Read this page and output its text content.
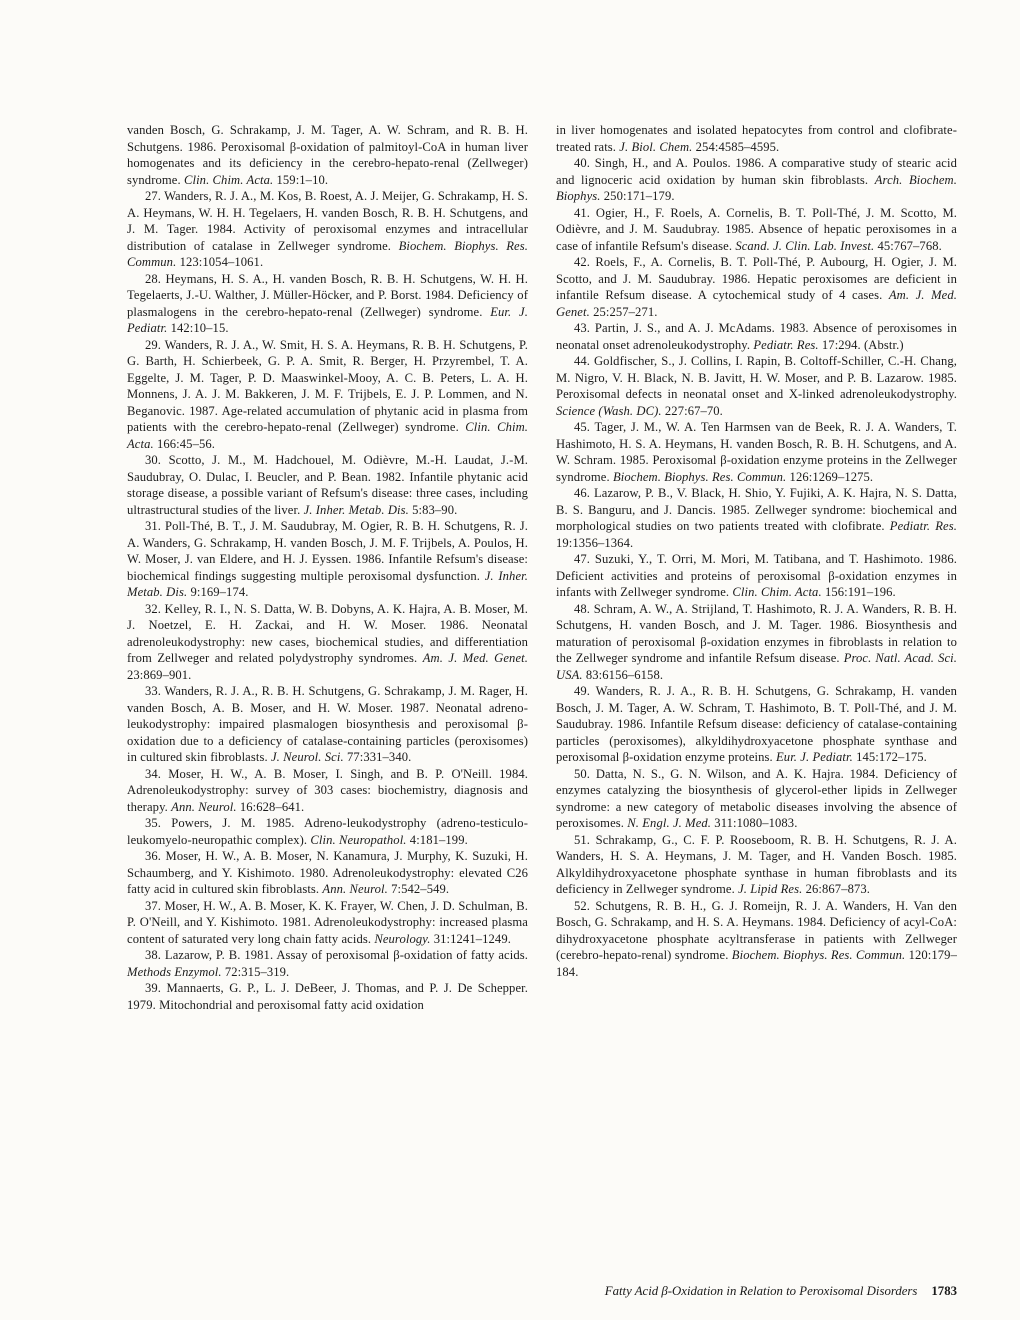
vanden Bosch, G. Schrakamp, J. M. Tager, A. W. Schram, and R. B. H. Schutgens. 1986. Peroxisomal β-oxidation of palmitoyl-CoA in human liver homogenates and its deficiency in the cerebro-hepato-renal (Zellweger) syndrome. Clin. Chim. Acta. 159:1–10.

27. Wanders, R. J. A., M. Kos, B. Roest, A. J. Meijer, G. Schrakamp, H. S. A. Heymans, W. H. H. Tegelaers, H. vanden Bosch, R. B. H. Schutgens, and J. M. Tager. 1984. Activity of peroxisomal enzymes and intracellular distribution of catalase in Zellweger syndrome. Biochem. Biophys. Res. Commun. 123:1054–1061.

28. Heymans, H. S. A., H. vanden Bosch, R. B. H. Schutgens, W. H. H. Tegelaerts, J.-U. Walther, J. Müller-Höcker, and P. Borst. 1984. Deficiency of plasmalogens in the cerebro-hepato-renal (Zellweger) syndrome. Eur. J. Pediatr. 142:10–15.

29. Wanders, R. J. A., W. Smit, H. S. A. Heymans, R. B. H. Schutgens, P. G. Barth, H. Schierbeek, G. P. A. Smit, R. Berger, H. Przyrembel, T. A. Eggelte, J. M. Tager, P. D. Maaswinkel-Mooy, A. C. B. Peters, L. A. H. Monnens, J. A. J. M. Bakkeren, J. M. F. Trijbels, E. J. P. Lommen, and N. Beganovic. 1987. Age-related accumulation of phytanic acid in plasma from patients with the cerebro-hepato-renal (Zellweger) syndrome. Clin. Chim. Acta. 166:45–56.

30. Scotto, J. M., M. Hadchouel, M. Odièvre, M.-H. Laudat, J.-M. Saudubray, O. Dulac, I. Beucler, and P. Bean. 1982. Infantile phytanic acid storage disease, a possible variant of Refsum's disease: three cases, including ultrastructural studies of the liver. J. Inher. Metab. Dis. 5:83–90.

31. Poll-Thé, B. T., J. M. Saudubray, M. Ogier, R. B. H. Schutgens, R. J. A. Wanders, G. Schrakamp, H. vanden Bosch, J. M. F. Trijbels, A. Poulos, H. W. Moser, J. van Eldere, and H. J. Eyssen. 1986. Infantile Refsum's disease: biochemical findings suggesting multiple peroxisomal dysfunction. J. Inher. Metab. Dis. 9:169–174.

32. Kelley, R. I., N. S. Datta, W. B. Dobyns, A. K. Hajra, A. B. Moser, M. J. Noetzel, E. H. Zackai, and H. W. Moser. 1986. Neonatal adrenoleukodystrophy: new cases, biochemical studies, and differentiation from Zellweger and related polydystrophy syndromes. Am. J. Med. Genet. 23:869–901.

33. Wanders, R. J. A., R. B. H. Schutgens, G. Schrakamp, J. M. Rager, H. vanden Bosch, A. B. Moser, and H. W. Moser. 1987. Neonatal adreno-leukodystrophy: impaired plasmalogen biosynthesis and peroxisomal β-oxidation due to a deficiency of catalase-containing particles (peroxisomes) in cultured skin fibroblasts. J. Neurol. Sci. 77:331–340.

34. Moser, H. W., A. B. Moser, I. Singh, and B. P. O'Neill. 1984. Adrenoleukodystrophy: survey of 303 cases: biochemistry, diagnosis and therapy. Ann. Neurol. 16:628–641.

35. Powers, J. M. 1985. Adreno-leukodystrophy (adreno-testiculo-leukomyelo-neuropathic complex). Clin. Neuropathol. 4:181–199.

36. Moser, H. W., A. B. Moser, N. Kanamura, J. Murphy, K. Suzuki, H. Schaumberg, and Y. Kishimoto. 1980. Adrenoleukodystrophy: elevated C26 fatty acid in cultured skin fibroblasts. Ann. Neurol. 7:542–549.

37. Moser, H. W., A. B. Moser, K. K. Frayer, W. Chen, J. D. Schulman, B. P. O'Neill, and Y. Kishimoto. 1981. Adrenoleukodystrophy: increased plasma content of saturated very long chain fatty acids. Neurology. 31:1241–1249.

38. Lazarow, P. B. 1981. Assay of peroxisomal β-oxidation of fatty acids. Methods Enzymol. 72:315–319.

39. Mannaerts, G. P., L. J. DeBeer, J. Thomas, and P. J. De Schepper. 1979. Mitochondrial and peroxisomal fatty acid oxidation

in liver homogenates and isolated hepatocytes from control and clofibrate-treated rats. J. Biol. Chem. 254:4585–4595.

40. Singh, H., and A. Poulos. 1986. A comparative study of stearic acid and lignoceric acid oxidation by human skin fibroblasts. Arch. Biochem. Biophys. 250:171–179.

41. Ogier, H., F. Roels, A. Cornelis, B. T. Poll-Thé, J. M. Scotto, M. Odièvre, and J. M. Saudubray. 1985. Absence of hepatic peroxisomes in a case of infantile Refsum's disease. Scand. J. Clin. Lab. Invest. 45:767–768.

42. Roels, F., A. Cornelis, B. T. Poll-Thé, P. Aubourg, H. Ogier, J. M. Scotto, and J. M. Saudubray. 1986. Hepatic peroxisomes are deficient in infantile Refsum disease. A cytochemical study of 4 cases. Am. J. Med. Genet. 25:257–271.

43. Partin, J. S., and A. J. McAdams. 1983. Absence of peroxisomes in neonatal onset adrenoleukodystrophy. Pediatr. Res. 17:294. (Abstr.)

44. Goldfischer, S., J. Collins, I. Rapin, B. Coltoff-Schiller, C.-H. Chang, M. Nigro, V. H. Black, N. B. Javitt, H. W. Moser, and P. B. Lazarow. 1985. Peroxisomal defects in neonatal onset and X-linked adrenoleukodystrophy. Science (Wash. DC). 227:67–70.

45. Tager, J. M., W. A. Ten Harmsen van de Beek, R. J. A. Wanders, T. Hashimoto, H. S. A. Heymans, H. vanden Bosch, R. B. H. Schutgens, and A. W. Schram. 1985. Peroxisomal β-oxidation enzyme proteins in the Zellweger syndrome. Biochem. Biophys. Res. Commun. 126:1269–1275.

46. Lazarow, P. B., V. Black, H. Shio, Y. Fujiki, A. K. Hajra, N. S. Datta, B. S. Banguru, and J. Dancis. 1985. Zellweger syndrome: biochemical and morphological studies on two patients treated with clofibrate. Pediatr. Res. 19:1356–1364.

47. Suzuki, Y., T. Orri, M. Mori, M. Tatibana, and T. Hashimoto. 1986. Deficient activities and proteins of peroxisomal β-oxidation enzymes in infants with Zellweger syndrome. Clin. Chim. Acta. 156:191–196.

48. Schram, A. W., A. Strijland, T. Hashimoto, R. J. A. Wanders, R. B. H. Schutgens, H. vanden Bosch, and J. M. Tager. 1986. Biosynthesis and maturation of peroxisomal β-oxidation enzymes in fibroblasts in relation to the Zellweger syndrome and infantile Refsum disease. Proc. Natl. Acad. Sci. USA. 83:6156–6158.

49. Wanders, R. J. A., R. B. H. Schutgens, G. Schrakamp, H. vanden Bosch, J. M. Tager, A. W. Schram, T. Hashimoto, B. T. Poll-Thé, and J. M. Saudubray. 1986. Infantile Refsum disease: deficiency of catalase-containing particles (peroxisomes), alkyldihydroxyacetone phosphate synthase and peroxisomal β-oxidation enzyme proteins. Eur. J. Pediatr. 145:172–175.

50. Datta, N. S., G. N. Wilson, and A. K. Hajra. 1984. Deficiency of enzymes catalyzing the biosynthesis of glycerol-ether lipids in Zellweger syndrome: a new category of metabolic diseases involving the absence of peroxisomes. N. Engl. J. Med. 311:1080–1083.

51. Schrakamp, G., C. F. P. Rooseboom, R. B. H. Schutgens, R. J. A. Wanders, H. S. A. Heymans, J. M. Tager, and H. Vanden Bosch. 1985. Alkyldihydroxyacetone phosphate synthase in human fibroblasts and its deficiency in Zellweger syndrome. J. Lipid Res. 26:867–873.

52. Schutgens, R. B. H., G. J. Romeijn, R. J. A. Wanders, H. Van den Bosch, G. Schrakamp, and H. S. A. Heymans. 1984. Deficiency of acyl-CoA: dihydroxyacetone phosphate acyltransferase in patients with Zellweger (cerebro-hepato-renal) syndrome. Biochem. Biophys. Res. Commun. 120:179–184.

Fatty Acid β-Oxidation in Relation to Peroxisomal Disorders 1783
